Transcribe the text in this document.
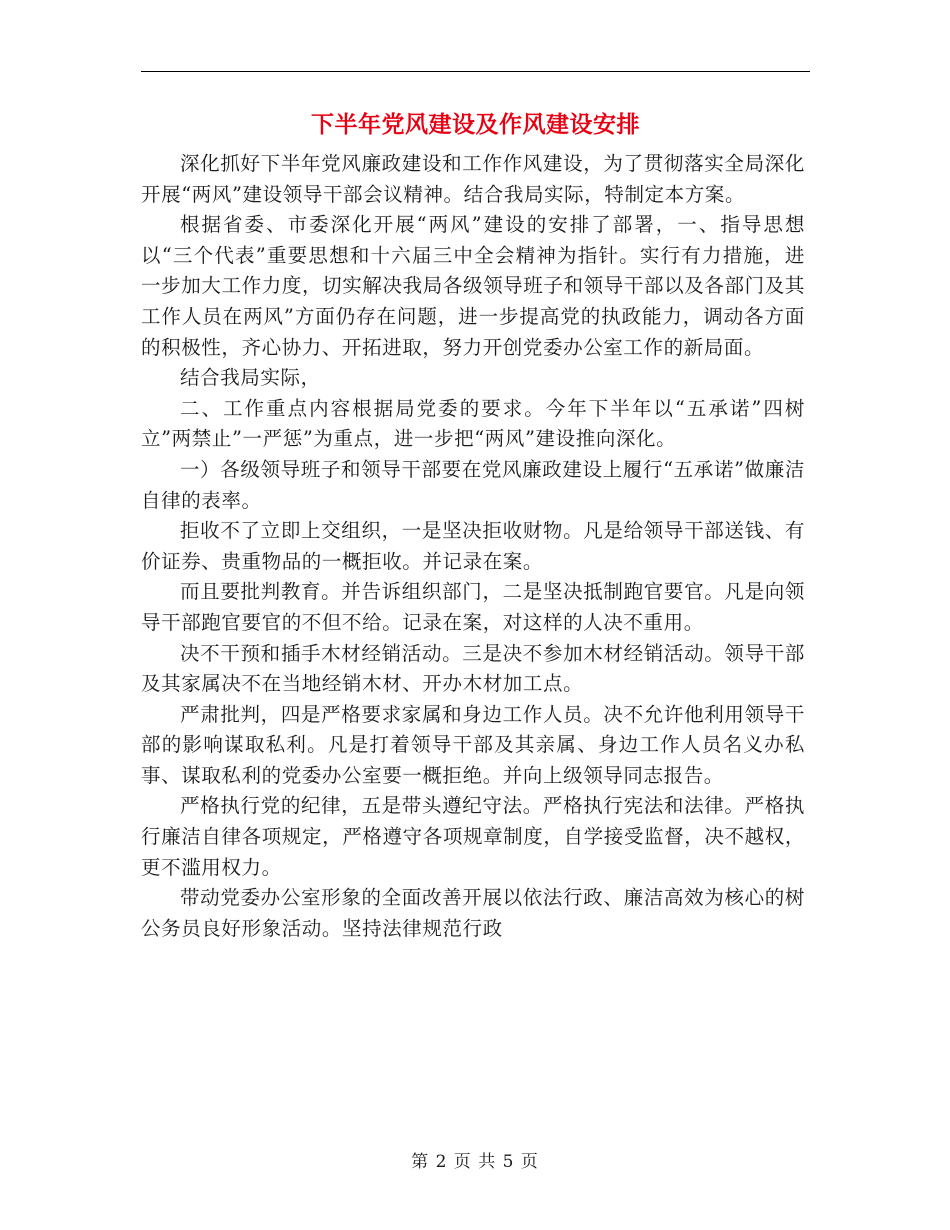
下半年党风建设及作风建设安排

深化抓好下半年党风廉政建设和工作作风建设，为了贯彻落实全局深化开展“两风”建设领导干部会议精神。结合我局实际，特制定本方案。

根据省委、市委深化开展“两风”建设的安排了部署，一、指导思想以“三个代表”重要思想和十六届三中全会精神为指针。实行有力措施，进一步加大工作力度，切实解决我局各级领导班子和领导干部以及各部门及其工作人员在两风”方面仍存在问题，进一步提高党的执政能力，调动各方面的积极性，齐心协力、开拓进取，努力开创党委办公室工作的新局面。

结合我局实际，

二、工作重点内容根据局党委的要求。今年下半年以“五承诺”四树立”两禁止”一严惩”为重点，进一步把“两风”建设推向深化。

一）各级领导班子和领导干部要在党风廉政建设上履行“五承诺”做廉洁自律的表率。

拒收不了立即上交组织，一是坚决拒收财物。凡是给领导干部送钱、有价证券、贵重物品的一概拒收。并记录在案。

而且要批判教育。并告诉组织部门，二是坚决抵制跑官要官。凡是向领导干部跑官要官的不但不给。记录在案，对这样的人决不重用。

决不干预和插手木材经销活动。三是决不参加木材经销活动。领导干部及其家属决不在当地经销木材、开办木材加工点。

严肃批判，四是严格要求家属和身边工作人员。决不允许他利用领导干部的影响谋取私利。凡是打着领导干部及其亲属、身边工作人员名义办私事、谋取私利的党委办公室要一概拒绝。并向上级领导同志报告。

严格执行党的纪律，五是带头遵纪守法。严格执行宪法和法律。严格执行廉洁自律各项规定，严格遵守各项规章制度，自学接受监督，决不越权，更不滥用权力。

带动党委办公室形象的全面改善开展以依法行政、廉洁高效为核心的树公务员良好形象活动。坚持法律规范行政

第 2 页 共 5 页
